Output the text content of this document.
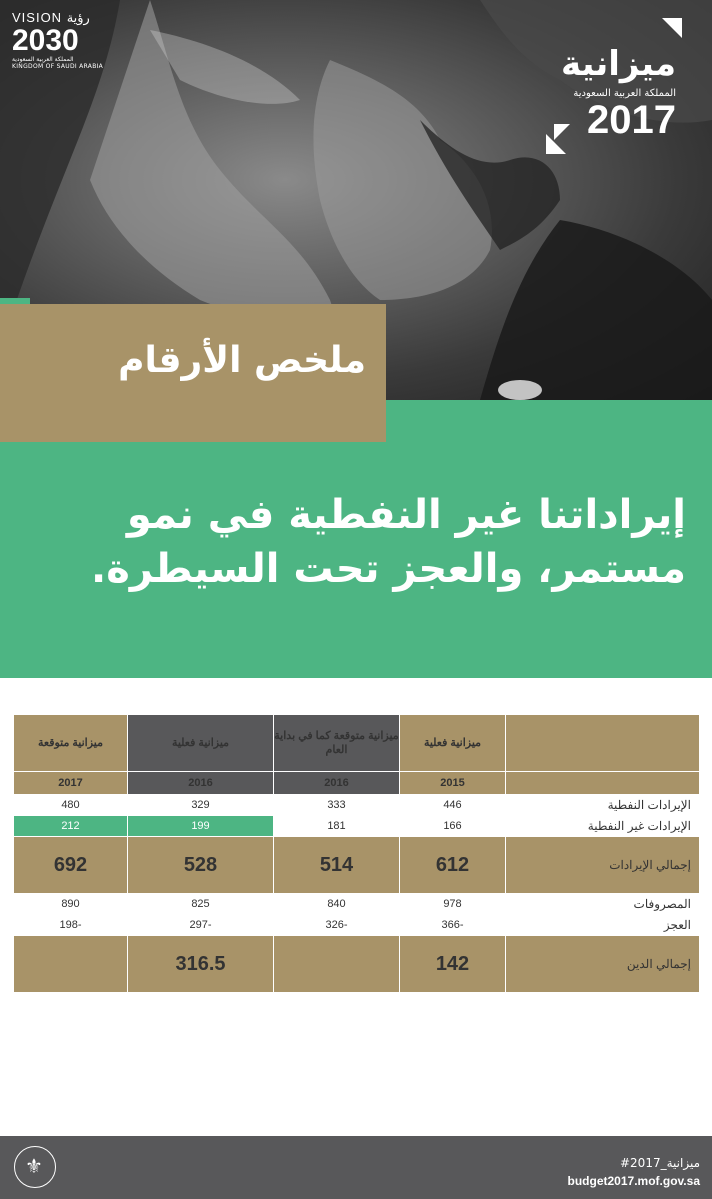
VISION رؤية
2030
المملكة العربية السعودية
KINGDOM OF SAUDI ARABIA	ميزانية
المملكة العربية السعودية
2017
ملخص الأرقام
إيراداتنا غير النفطية في نمو مستمر، والعجز تحت السيطرة.
	ميزانية فعلية	ميزانية متوقعة كما في بداية العام	ميزانية فعلية	ميزانية متوقعة
	2015	2016	2016	2017
الإيرادات النفطية	446	333	329	480
الإيرادات غير النفطية	166	181	199	212
إجمالي الإيرادات	612	514	528	692
المصروفات	978	840	825	890
العجز	-366	-326	-297	-198
إجمالي الدين	142		316.5	
⚜	#ميزانية_2017
budget2017.mof.gov.sa
